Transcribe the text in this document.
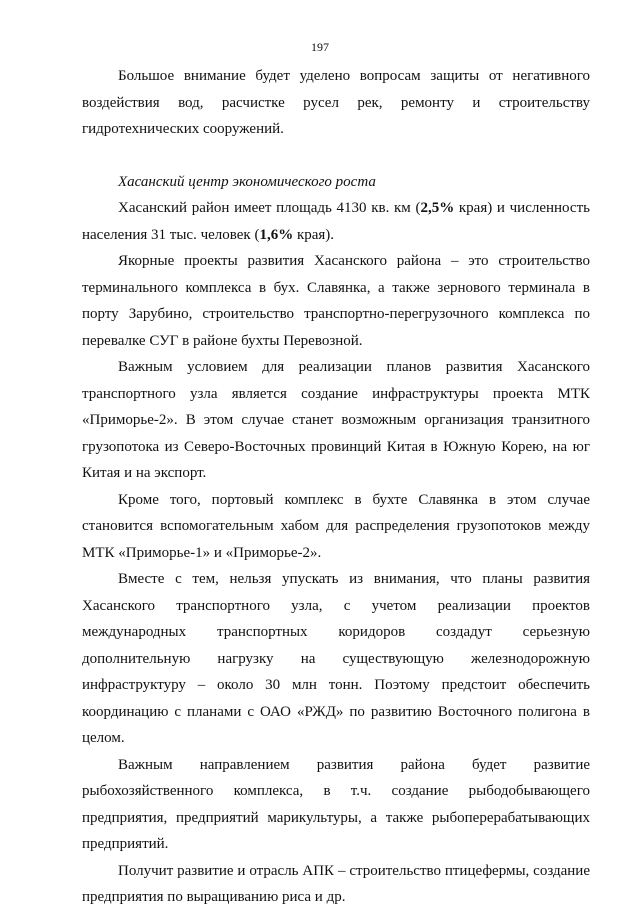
197

Большое внимание будет уделено вопросам защиты от негативного воздействия вод, расчистке русел рек, ремонту и строительству гидротехнических сооружений.

Хасанский центр экономического роста

Хасанский район имеет площадь 4130 кв. км (2,5% края) и численность населения 31 тыс. человек (1,6% края).

Якорные проекты развития Хасанского района – это строительство терминального комплекса в бух. Славянка, а также зернового терминала в порту Зарубино, строительство транспортно-перегрузочного комплекса по перевалке СУГ в районе бухты Перевозной.

Важным условием для реализации планов развития Хасанского транспортного узла является создание инфраструктуры проекта МТК «Приморье-2». В этом случае станет возможным организация транзитного грузопотока из Северо-Восточных провинций Китая в Южную Корею, на юг Китая и на экспорт.

Кроме того, портовый комплекс в бухте Славянка в этом случае становится вспомогательным хабом для распределения грузопотоков между МТК «Приморье-1» и «Приморье-2».

Вместе с тем, нельзя упускать из внимания, что планы развития Хасанского транспортного узла, с учетом реализации проектов международных транспортных коридоров создадут серьезную дополнительную нагрузку на существующую железнодорожную инфраструктуру – около 30 млн тонн. Поэтому предстоит обеспечить координацию с планами с ОАО «РЖД» по развитию Восточного полигона в целом.

Важным направлением развития района будет развитие рыбохозяйственного комплекса, в т.ч. создание рыбодобывающего предприятия, предприятий марикультуры, а также рыбоперерабатывающих предприятий.

Получит развитие и отрасль АПК – строительство птицефермы, создание предприятия по выращиванию риса и др.
